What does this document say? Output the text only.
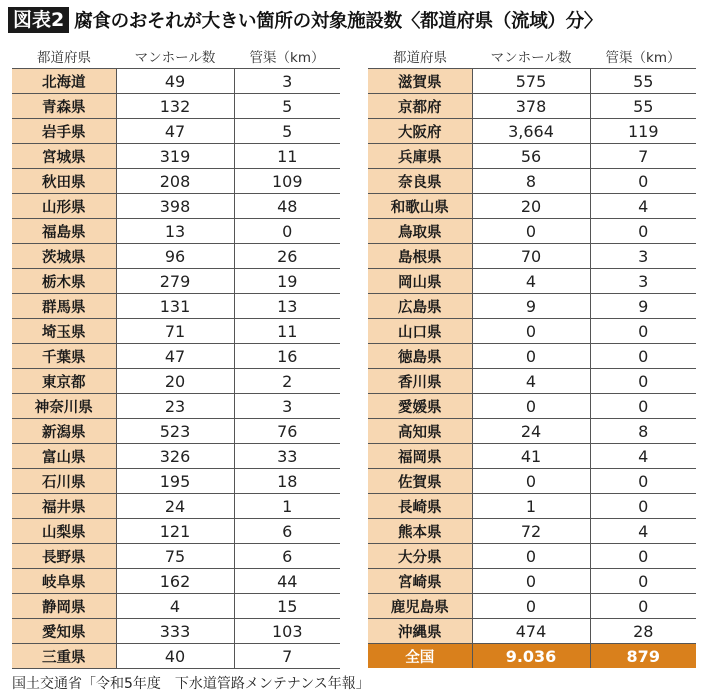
図表2 腐食のおそれが大きい箇所の対象施設数〈都道府県（流域）分〉
都道府県	マンホール数	管渠（km）
北海道	49	3
青森県	132	5
岩手県	47	5
宮城県	319	11
秋田県	208	109
山形県	398	48
福島県	13	0
茨城県	96	26
栃木県	279	19
群馬県	131	13
埼玉県	71	11
千葉県	47	16
東京都	20	2
神奈川県	23	3
新潟県	523	76
富山県	326	33
石川県	195	18
福井県	24	1
山梨県	121	6
長野県	75	6
岐阜県	162	44
静岡県	4	15
愛知県	333	103
三重県	40	7
都道府県	マンホール数	管渠（km）
滋賀県	575	55
京都府	378	55
大阪府	3,664	119
兵庫県	56	7
奈良県	8	0
和歌山県	20	4
鳥取県	0	0
島根県	70	3
岡山県	4	3
広島県	9	9
山口県	0	0
徳島県	0	0
香川県	4	0
愛媛県	0	0
高知県	24	8
福岡県	41	4
佐賀県	0	0
長崎県	1	0
熊本県	72	4
大分県	0	0
宮崎県	0	0
鹿児島県	0	0
沖縄県	474	28
全国	9.036	879
国土交通省「令和5年度　下水道管路メンテナンス年報」
